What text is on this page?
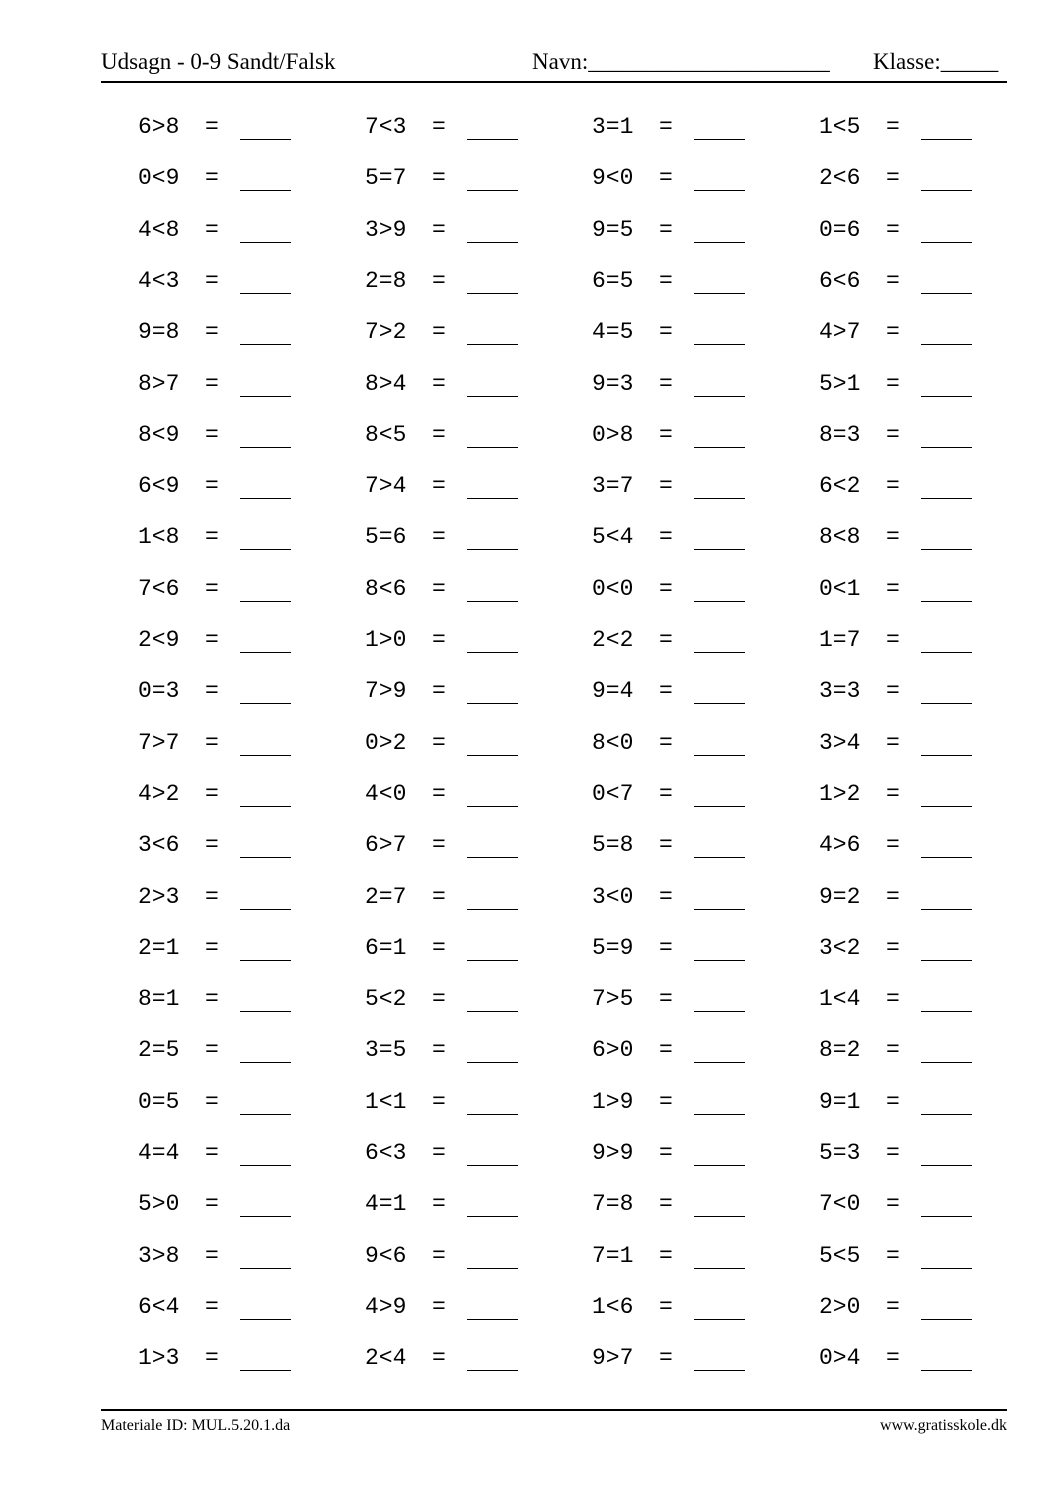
Udsagn - 0-9 Sandt/Falsk	Navn:_____________________ Klasse:_____
6>8 =	7<3 =	3=1 =	1<5 =
0<9 =	5=7 =	9<0 =	2<6 =
4<8 =	3>9 =	9=5 =	0=6 =
4<3 =	2=8 =	6=5 =	6<6 =
9=8 =	7>2 =	4=5 =	4>7 =
8>7 =	8>4 =	9=3 =	5>1 =
8<9 =	8<5 =	0>8 =	8=3 =
6<9 =	7>4 =	3=7 =	6<2 =
1<8 =	5=6 =	5<4 =	8<8 =
7<6 =	8<6 =	0<0 =	0<1 =
2<9 =	1>0 =	2<2 =	1=7 =
0=3 =	7>9 =	9=4 =	3=3 =
7>7 =	0>2 =	8<0 =	3>4 =
4>2 =	4<0 =	0<7 =	1>2 =
3<6 =	6>7 =	5=8 =	4>6 =
2>3 =	2=7 =	3<0 =	9=2 =
2=1 =	6=1 =	5=9 =	3<2 =
8=1 =	5<2 =	7>5 =	1<4 =
2=5 =	3=5 =	6>0 =	8=2 =
0=5 =	1<1 =	1>9 =	9=1 =
4=4 =	6<3 =	9>9 =	5=3 =
5>0 =	4=1 =	7=8 =	7<0 =
3>8 =	9<6 =	7=1 =	5<5 =
6<4 =	4>9 =	1<6 =	2>0 =
1>3 =	2<4 =	9>7 =	0>4 =
Materiale ID: MUL.5.20.1.da	www.gratisskole.dk
